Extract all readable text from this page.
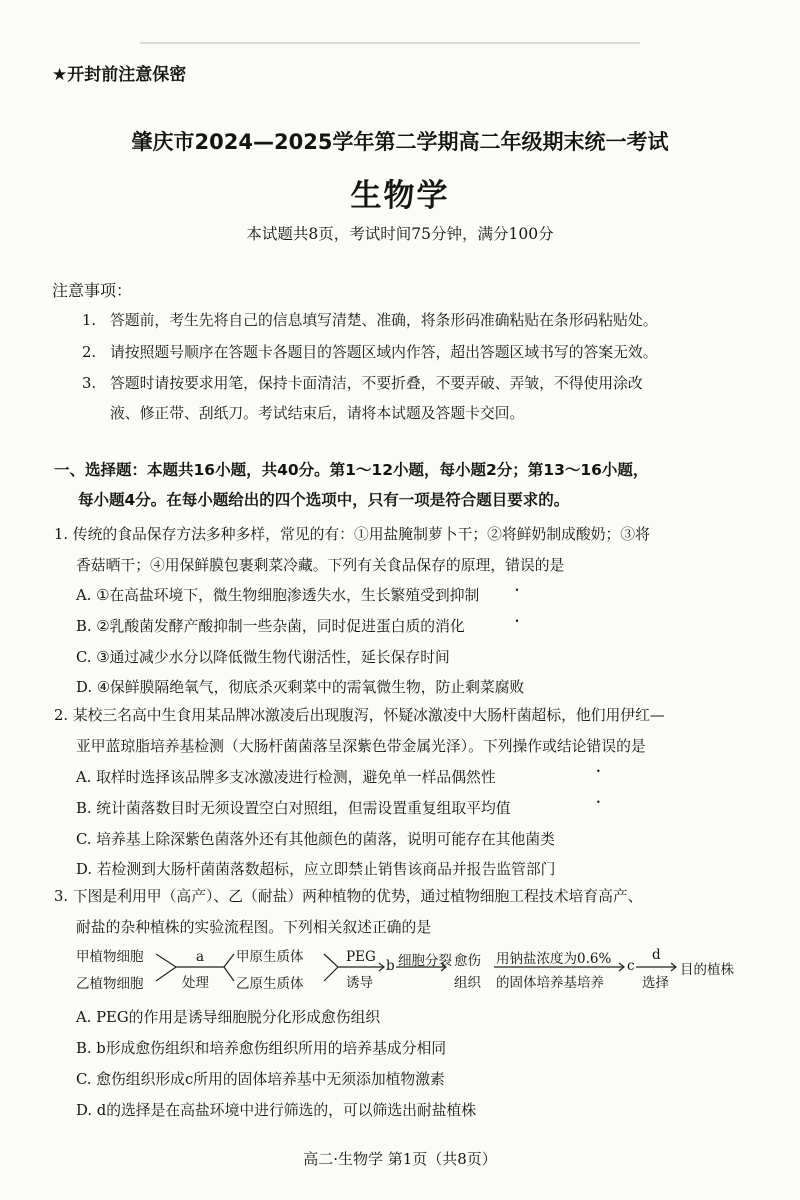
★开封前注意保密
肇庆市2024—2025学年第二学期高二年级期末统一考试
生物学
本试题共8页，考试时间75分钟，满分100分
注意事项：
1. 答题前，考生先将自己的信息填写清楚、准确，将条形码准确粘贴在条形码粘贴处。
2. 请按照题号顺序在答题卡各题目的答题区域内作答，超出答题区域书写的答案无效。
3. 答题时请按要求用笔，保持卡面清洁，不要折叠，不要弄破、弄皱，不得使用涂改
液、修正带、刮纸刀。考试结束后，请将本试题及答题卡交回。
一、选择题：本题共16小题，共40分。第1～12小题，每小题2分；第13～16小题，
每小题4分。在每小题给出的四个选项中，只有一项是符合题目要求的。
1. 传统的食品保存方法多种多样，常见的有：①用盐腌制萝卜干；②将鲜奶制成酸奶；③将
香菇晒干；④用保鲜膜包裹剩菜冷藏。下列有关食品保存的原理，错误 • •的是
A. ①在高盐环境下，微生物细胞渗透失水，生长繁殖受到抑制
B. ②乳酸菌发酵产酸抑制一些杂菌，同时促进蛋白质的消化
C. ③通过减少水分以降低微生物代谢活性，延长保存时间
D. ④保鲜膜隔绝氧气，彻底杀灭剩菜中的需氧微生物，防止剩菜腐败
2. 某校三名高中生食用某品牌冰激凌后出现腹泻，怀疑冰激凌中大肠杆菌超标，他们用伊红—
亚甲蓝琼脂培养基检测（大肠杆菌菌落呈深紫色带金属光泽）。下列操作或结论错误 • •的是
A. 取样时选择该品牌多支冰激凌进行检测，避免单一样品偶然性
B. 统计菌落数目时无须设置空白对照组，但需设置重复组取平均值
C. 培养基上除深紫色菌落外还有其他颜色的菌落，说明可能存在其他菌类
D. 若检测到大肠杆菌菌落数超标，应立即禁止销售该商品并报告监管部门
3. 下图是利用甲（高产）、乙（耐盐）两种植物的优势，通过植物细胞工程技术培育高产、
耐盐的杂种植株的实验流程图。下列相关叙述正确的是
甲植物细胞
乙植物细胞
a
处理
甲原生质体
乙原生质体
PEG
诱导
b 细胞分裂 愈伤
组织
用钠盐浓度为0.6%
的固体培养基培养
c
d
选择
目的植株
A. PEG的作用是诱导细胞脱分化形成愈伤组织
B. b形成愈伤组织和培养愈伤组织所用的培养基成分相同
C. 愈伤组织形成c所用的固体培养基中无须添加植物激素
D. d的选择是在高盐环境中进行筛选的，可以筛选出耐盐植株
高二·生物学 第1页（共8页）
